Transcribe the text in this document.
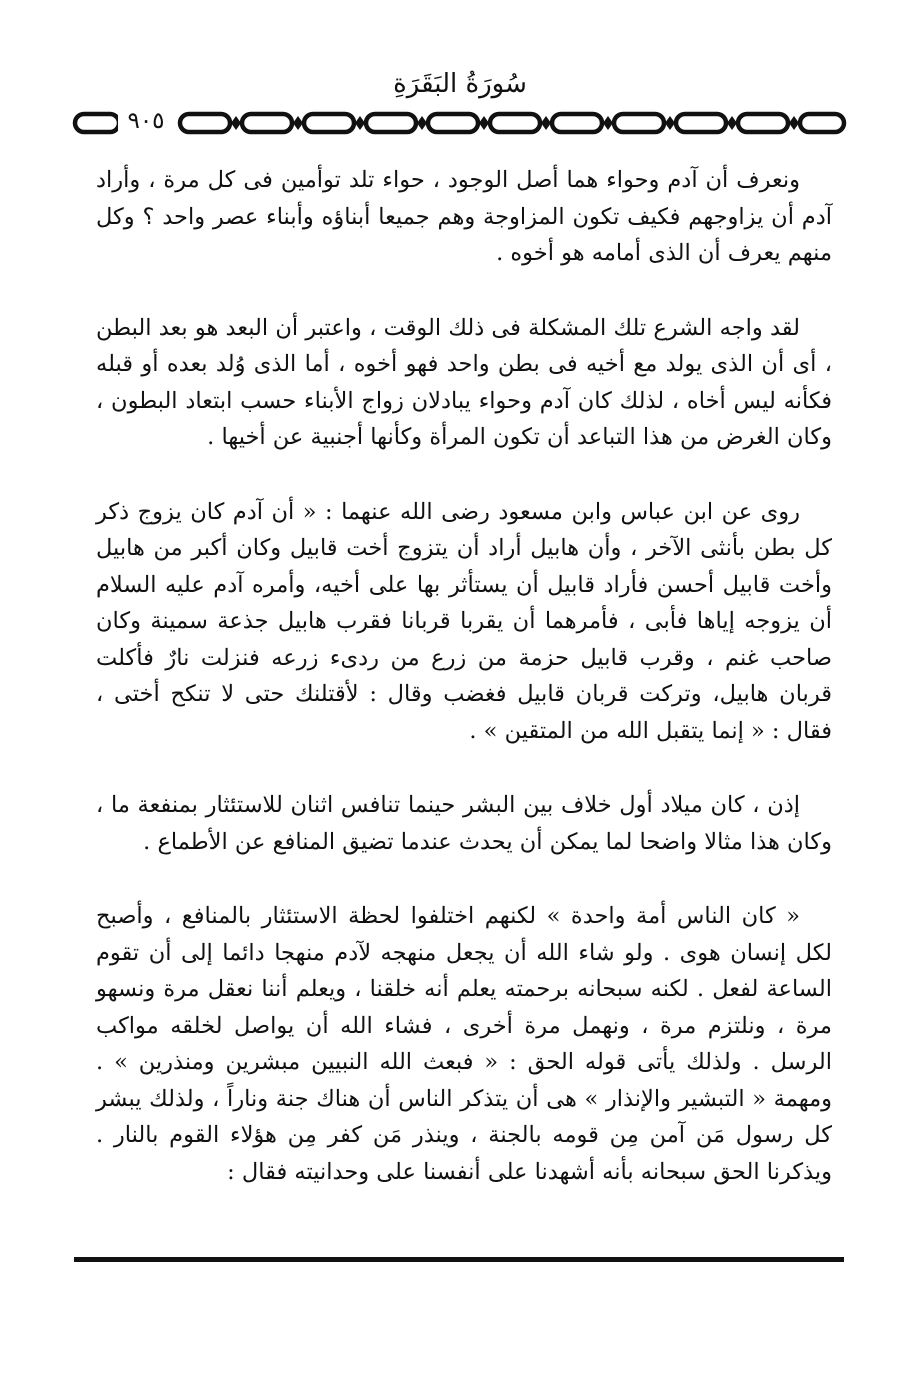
سُورَةُ البَقَرَةِ
٩٠٥

ونعرف أن آدم وحواء هما أصل الوجود ، حواء تلد توأمين فى كل مرة ، وأراد آدم أن يزاوجهم فكيف تكون المزاوجة وهم جميعا أبناؤه وأبناء عصر واحد ؟ وكل منهم يعرف أن الذى أمامه هو أخوه .

لقد واجه الشرع تلك المشكلة فى ذلك الوقت ، واعتبر أن البعد هو بعد البطن ، أى أن الذى يولد مع أخيه فى بطن واحد فهو أخوه ، أما الذى وُلد بعده أو قبله فكأنه ليس أخاه ، لذلك كان آدم وحواء يبادلان زواج الأبناء حسب ابتعاد البطون ، وكان الغرض من هذا التباعد أن تكون المرأة وكأنها أجنبية عن أخيها .

روى عن ابن عباس وابن مسعود رضى الله عنهما : « أن آدم كان يزوج ذكر كل بطن بأنثى الآخر ، وأن هابيل أراد أن يتزوج أخت قابيل وكان أكبر من هابيل وأخت قابيل أحسن فأراد قابيل أن يستأثر بها على أخيه، وأمره آدم عليه السلام أن يزوجه إياها فأبى ، فأمرهما أن يقربا قربانا فقرب هابيل جذعة سمينة وكان صاحب غنم ، وقرب قابيل حزمة من زرع من ردىء زرعه فنزلت نارٌ فأكلت قربان هابيل، وتركت قربان قابيل فغضب وقال : لأقتلنك حتى لا تنكح أختى ، فقال : « إنما يتقبل الله من المتقين » .

إذن ، كان ميلاد أول خلاف بين البشر حينما تنافس اثنان للاستئثار بمنفعة ما ، وكان هذا مثالا واضحا لما يمكن أن يحدث عندما تضيق المنافع عن الأطماع .

« كان الناس أمة واحدة » لكنهم اختلفوا لحظة الاستئثار بالمنافع ، وأصبح لكل إنسان هوى . ولو شاء الله أن يجعل منهجه لآدم منهجا دائما إلى أن تقوم الساعة لفعل . لكنه سبحانه برحمته يعلم أنه خلقنا ، ويعلم أننا نعقل مرة ونسهو مرة ، ونلتزم مرة ، ونهمل مرة أخرى ، فشاء الله أن يواصل لخلقه مواكب الرسل . ولذلك يأتى قوله الحق : « فبعث الله النبيين مبشرين ومنذرين » . ومهمة « التبشير والإنذار » هى أن يتذكر الناس أن هناك جنة وناراً ، ولذلك يبشر كل رسول مَن آمن مِن قومه بالجنة ، وينذر مَن كفر مِن هؤلاء القوم بالنار . ويذكرنا الحق سبحانه بأنه أشهدنا على أنفسنا على وحدانيته فقال :
